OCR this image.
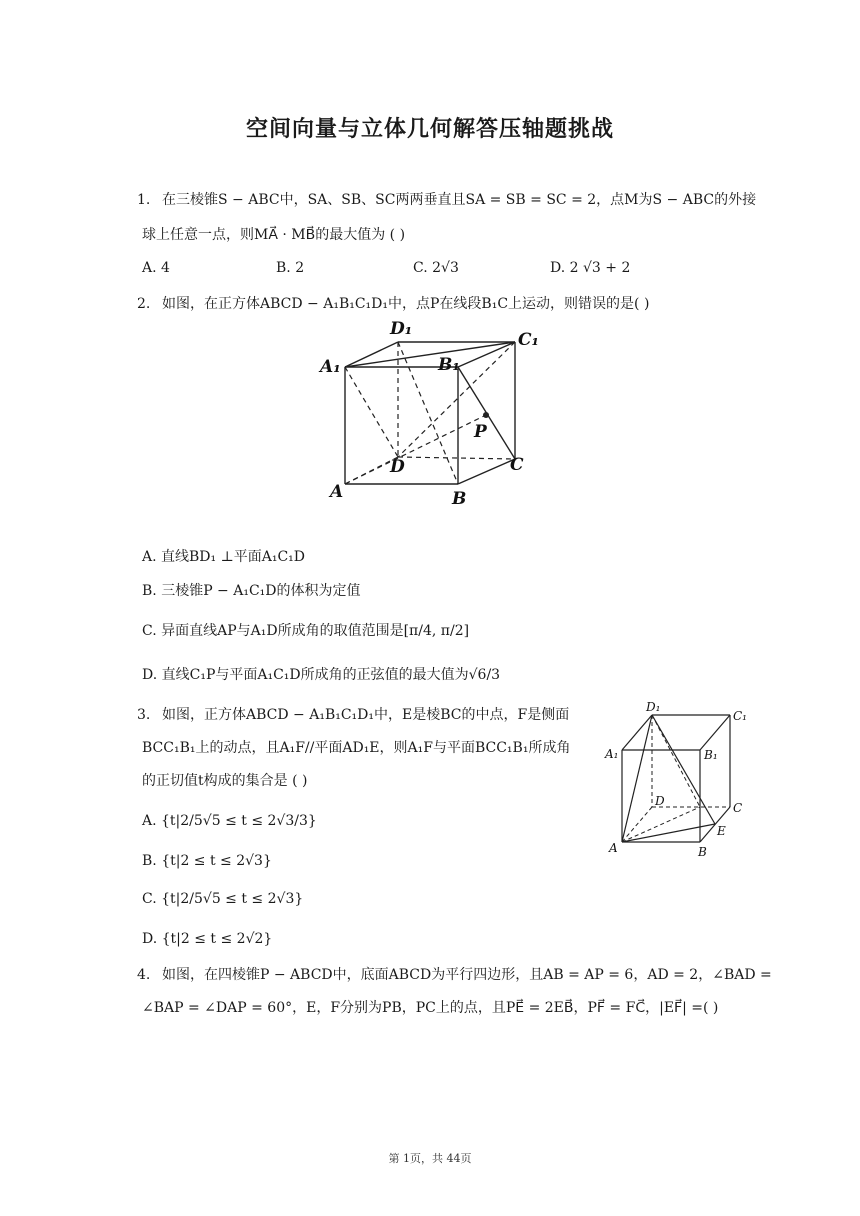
空间向量与立体几何解答压轴题挑战
1. 在三棱锥S − ABC中，SA、SB、SC两两垂直且SA = SB = SC = 2，点M为S − ABC的外接
球上任意一点，则MA⃗ · MB⃗的最大值为 ( )
A. 4	B. 2	C. 2√3	D. 2 √3 + 2
2. 如图，在正方体ABCD − A₁B₁C₁D₁中，点P在线段B₁C上运动，则错误的是( )
D₁
C₁
A₁	B₁
P
D	C
A	B
A. 直线BD₁ ⊥平面A₁C₁D
B. 三棱锥P − A₁C₁D的体积为定值
C. 异面直线AP与A₁D所成角的取值范围是[π/4, π/2]
D. 直线C₁P与平面A₁C₁D所成角的正弦值的最大值为√6/3
3. 如图，正方体ABCD − A₁B₁C₁D₁中，E是棱BC的中点，F是侧面
BCC₁B₁上的动点，且A₁F//平面AD₁E，则A₁F与平面BCC₁B₁所成角
的正切值t构成的集合是 ( )
D₁
C₁
A₁	B₁
D	C
E
A	B
A. {t|2/5√5 ≤ t ≤ 2√3/3}
B. {t|2 ≤ t ≤ 2√3}
C. {t|2/5√5 ≤ t ≤ 2√3}
D. {t|2 ≤ t ≤ 2√2}
4. 如图，在四棱锥P − ABCD中，底面ABCD为平行四边形，且AB = AP = 6，AD = 2，∠BAD =
∠BAP = ∠DAP = 60°，E，F分别为PB，PC上的点，且PE⃗ = 2EB⃗，PF⃗ = FC⃗，|EF⃗| =( )
第 1页，共 44页
